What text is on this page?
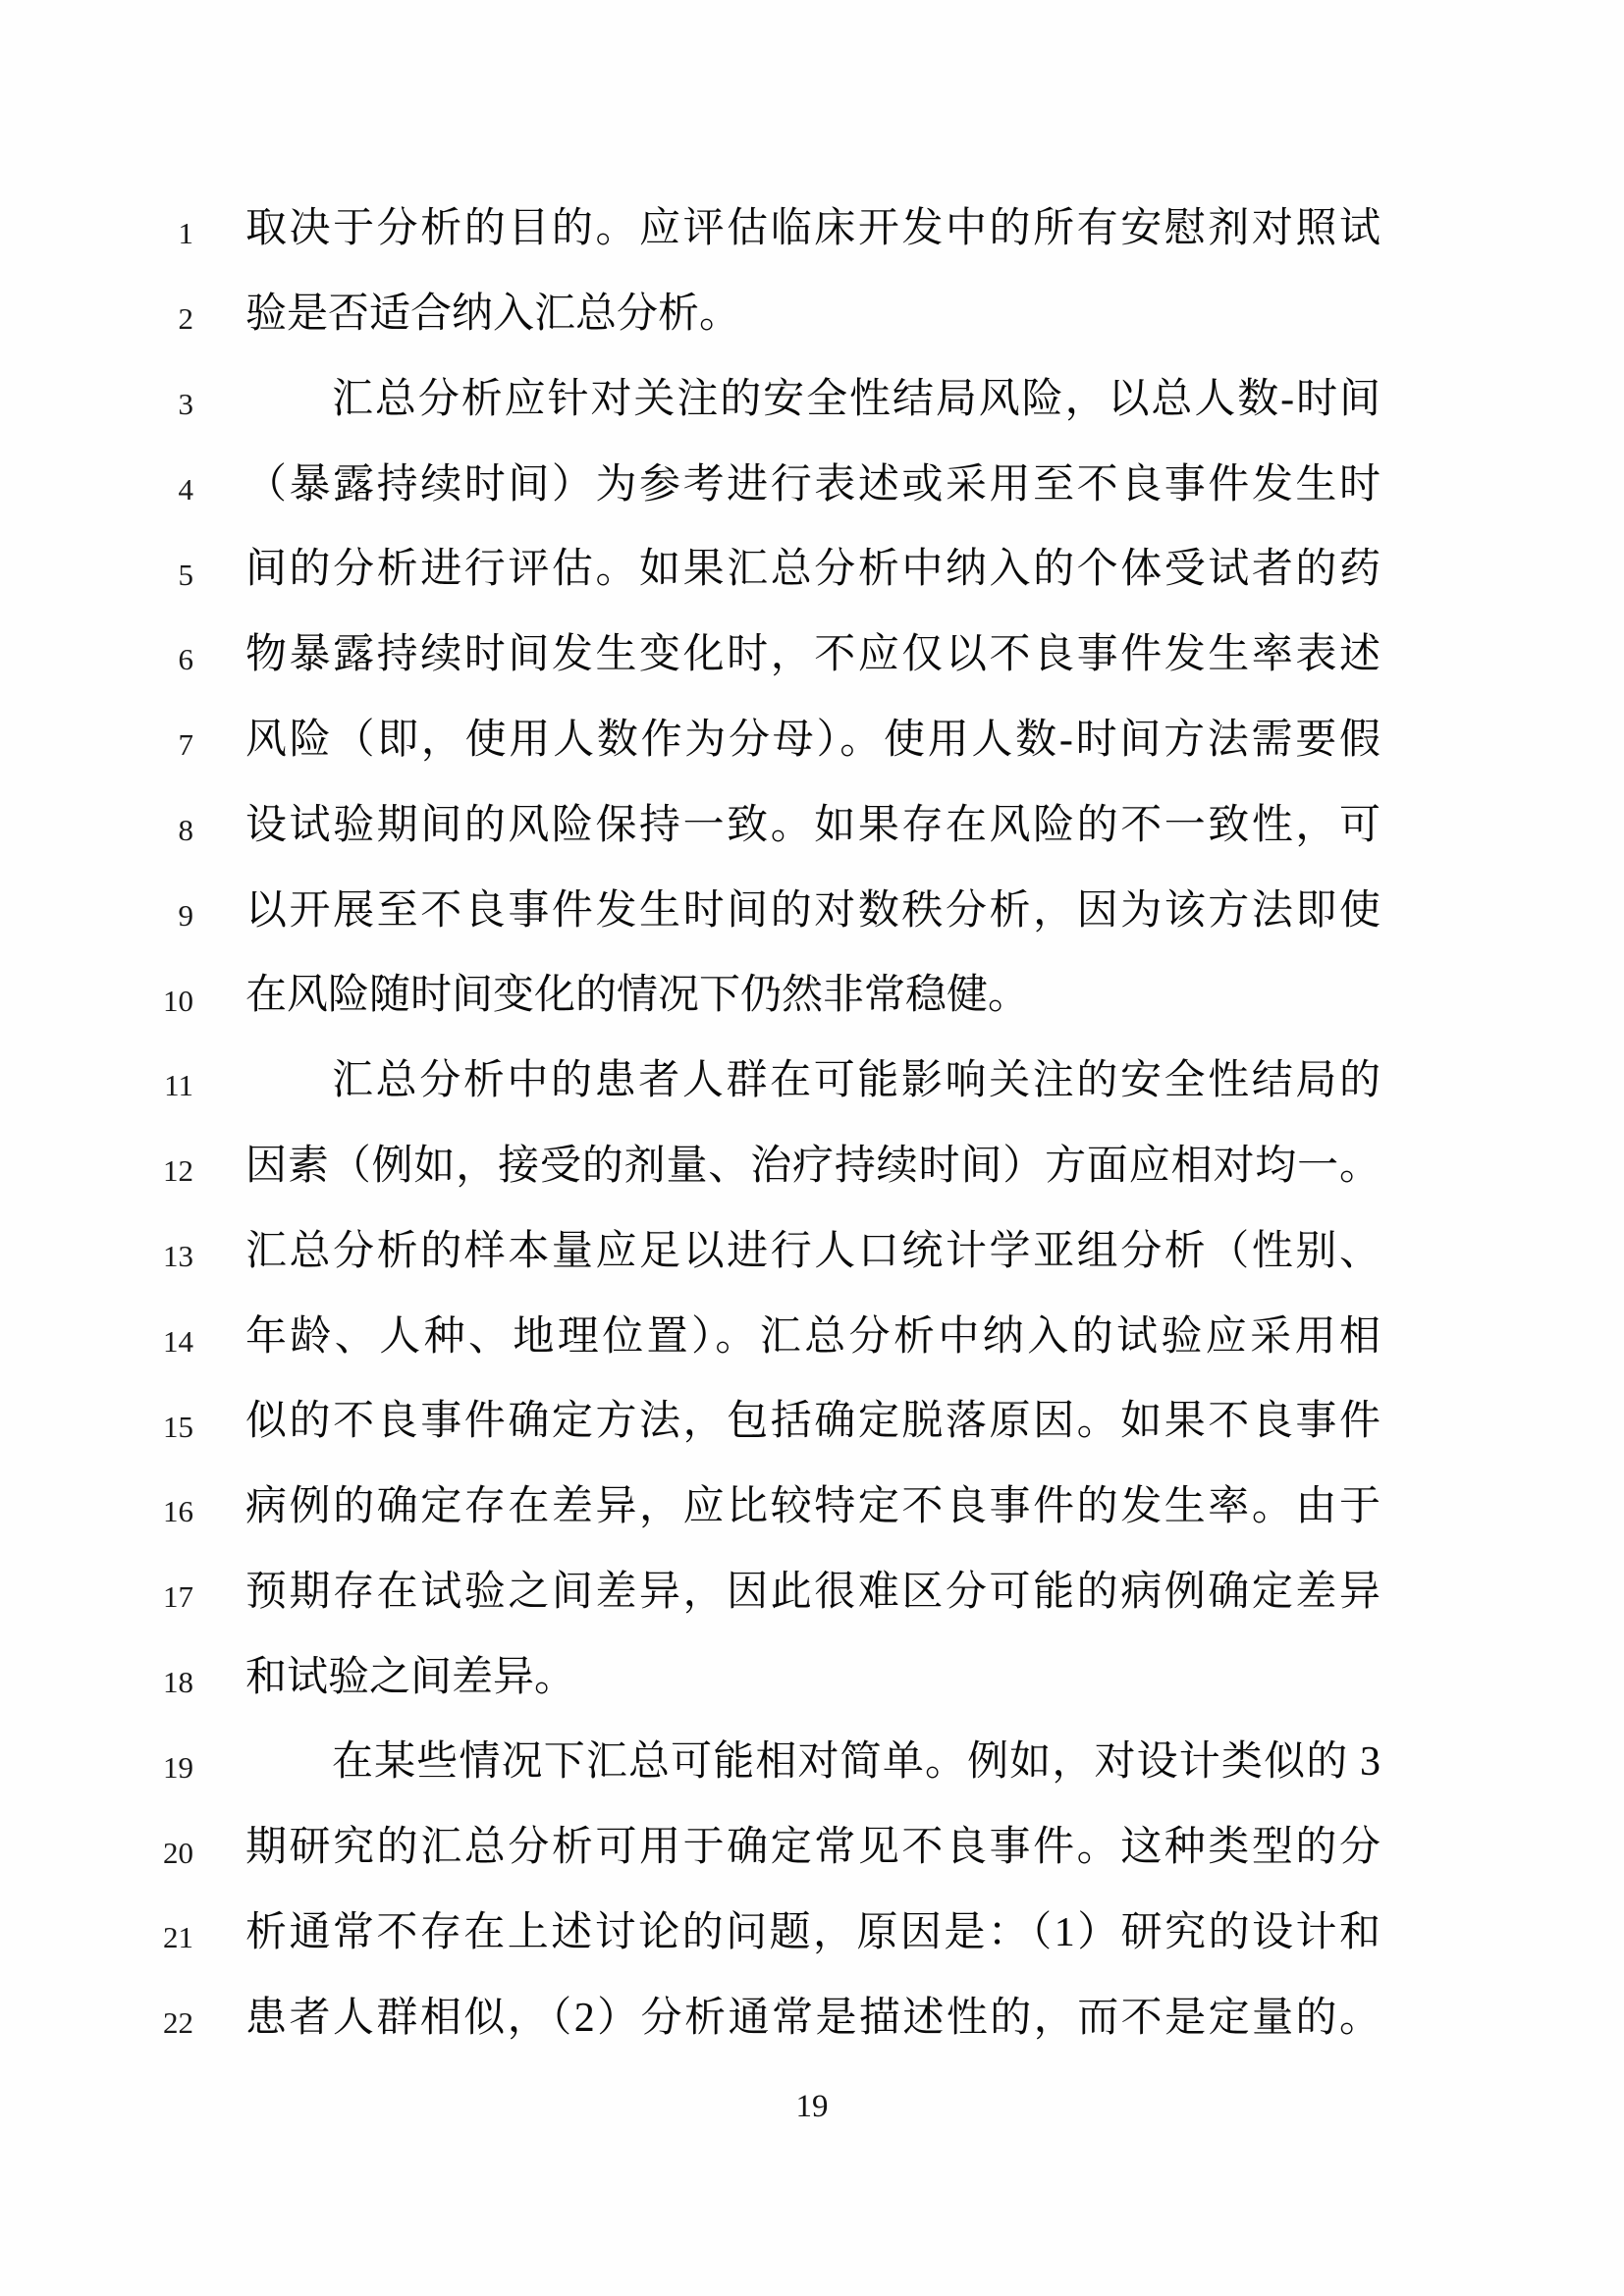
1 取决于分析的目的。应评估临床开发中的所有安慰剂对照试
2 验是否适合纳入汇总分析。
3	汇总分析应针对关注的安全性结局风险，以总人数-时间
4 （暴露持续时间）为参考进行表述或采用至不良事件发生时
5 间的分析进行评估。如果汇总分析中纳入的个体受试者的药
6 物暴露持续时间发生变化时，不应仅以不良事件发生率表述
7 风险（即，使用人数作为分母）。使用人数-时间方法需要假
8 设试验期间的风险保持一致。如果存在风险的不一致性，可
9 以开展至不良事件发生时间的对数秩分析，因为该方法即使
10 在风险随时间变化的情况下仍然非常稳健。
11	汇总分析中的患者人群在可能影响关注的安全性结局的
12 因素（例如，接受的剂量、治疗持续时间）方面应相对均一。
13 汇总分析的样本量应足以进行人口统计学亚组分析（性别、
14 年龄、人种、地理位置）。汇总分析中纳入的试验应采用相
15 似的不良事件确定方法，包括确定脱落原因。如果不良事件
16 病例的确定存在差异，应比较特定不良事件的发生率。由于
17 预期存在试验之间差异，因此很难区分可能的病例确定差异
18 和试验之间差异。
19	在某些情况下汇总可能相对简单。例如，对设计类似的 3
20 期研究的汇总分析可用于确定常见不良事件。这种类型的分
21 析通常不存在上述讨论的问题，原因是：（1）研究的设计和
22 患者人群相似，（2）分析通常是描述性的，而不是定量的。
19
